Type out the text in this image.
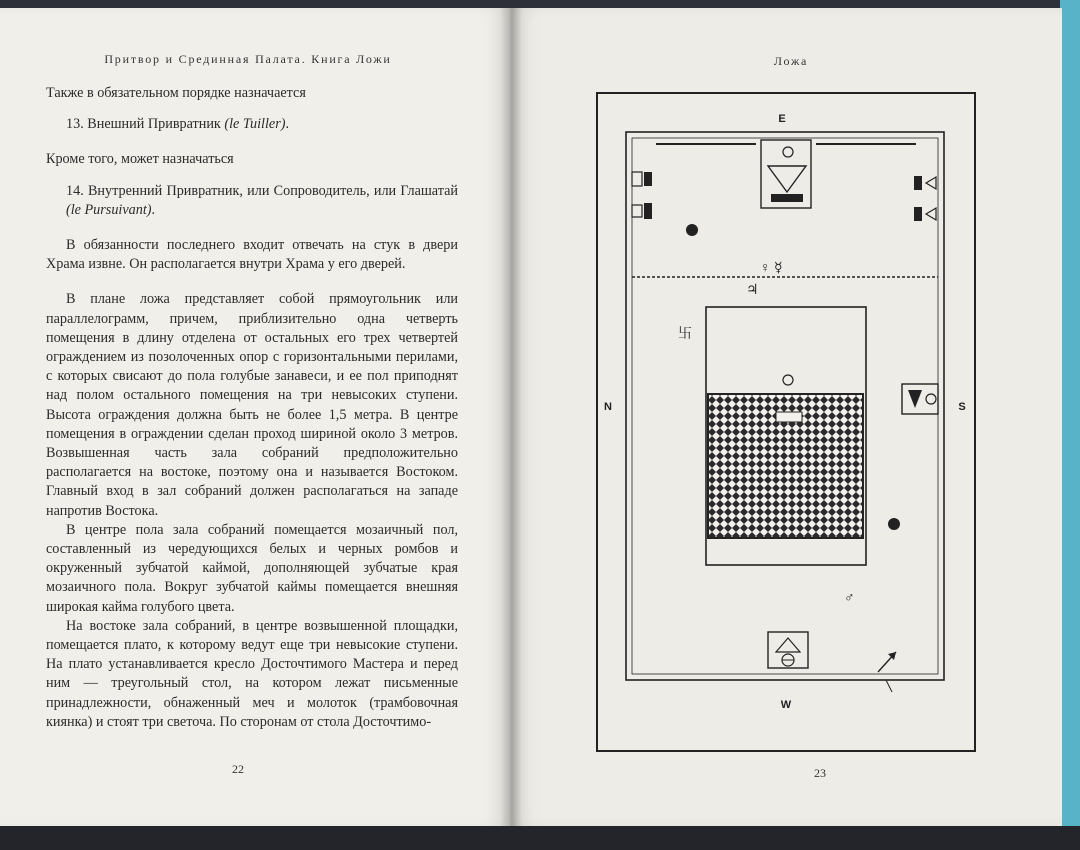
Притвор и Срединная Палата. Книга Ложи

Также в обязательном порядке назначается

13. Внешний Привратник (le Tuiller).

Кроме того, может назначаться

14. Внутренний Привратник, или Сопроводитель, или Глашатай (le Pursuivant).

В обязанности последнего входит отвечать на стук в двери Храма извне. Он располагается внутри Храма у его дверей.

В плане ложа представляет собой прямоугольник или параллелограмм, причем, приблизительно одна четверть помещения в длину отделена от остальных его трех четвертей ограждением из позолоченных опор с горизонтальными перилами, с которых свисают до пола голубые занавеси, и ее пол приподнят над полом остального помещения на три невысоких ступени. Высота ограждения должна быть не более 1,5 метра. В центре помещения в ограждении сделан проход шириной около 3 метров. Возвышенная часть зала собраний предположительно располагается на востоке, поэтому она и называется Востоком. Главный вход в зал собраний должен располагаться на западе напротив Востока.

В центре пола зала собраний помещается мозаичный пол, составленный из чередующихся белых и черных ромбов и окруженный зубчатой каймой, дополняющей зубчатые края мозаичного пола. Вокруг зубчатой каймы помещается внешняя широкая кайма голубого цвета.

На востоке зала собраний, в центре возвышенной площадки, помещается плато, к которому ведут еще три невысокие ступени. На плато устанавливается кресло Досточтимого Мастера и перед ним — треугольный стол, на котором лежат письменные принадлежности, обнаженный меч и молоток (трамбовочная киянка) и стоят три светоча. По сторонам от стола Досточтимо-

22
Ложа
E
W
N	S
♀ ☿
♃
卐
♂
23
